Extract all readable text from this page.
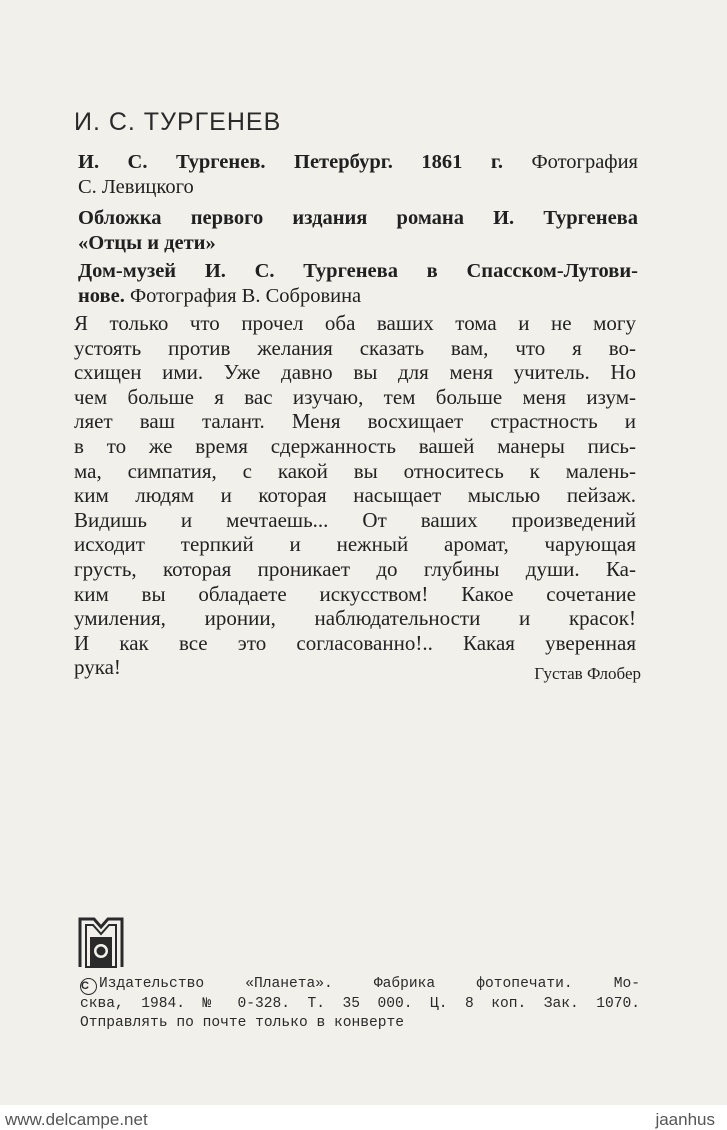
И. С. ТУРГЕНЕВ
И. С. Тургенев. Петербург. 1861 г. Фотография
С. Левицкого
Обложка первого издания романа И. Тургенева
«Отцы и дети»
Дом-музей И. С. Тургенева в Спасском-Лутови-
нове. Фотография В. Собровина
Я только что прочел оба ваших тома и не могу
устоять против желания сказать вам, что я во-
схищен ими. Уже давно вы для меня учитель. Но
чем больше я вас изучаю, тем больше меня изум-
ляет ваш талант. Меня восхищает страстность и
в то же время сдержанность вашей манеры пись-
ма, симпатия, с какой вы относитесь к малень-
ким людям и которая насыщает мыслью пейзаж.
Видишь и мечтаешь... От ваших произведений
исходит терпкий и нежный аромат, чарующая
грусть, которая проникает до глубины души. Ка-
ким вы обладаете искусством! Какое сочетание
умиления, иронии, наблюдательности и красок!
И как все это согласованно!.. Какая уверенная
рука!	Густав Флобер
С Издательство «Планета». Фабрика фотопечати. Мо-
сква, 1984. № 0-328. Т. 35 000. Ц. 8 коп. Зак. 1070.
Отправлять по почте только в конверте
www.delcampe.net	jaanhus
